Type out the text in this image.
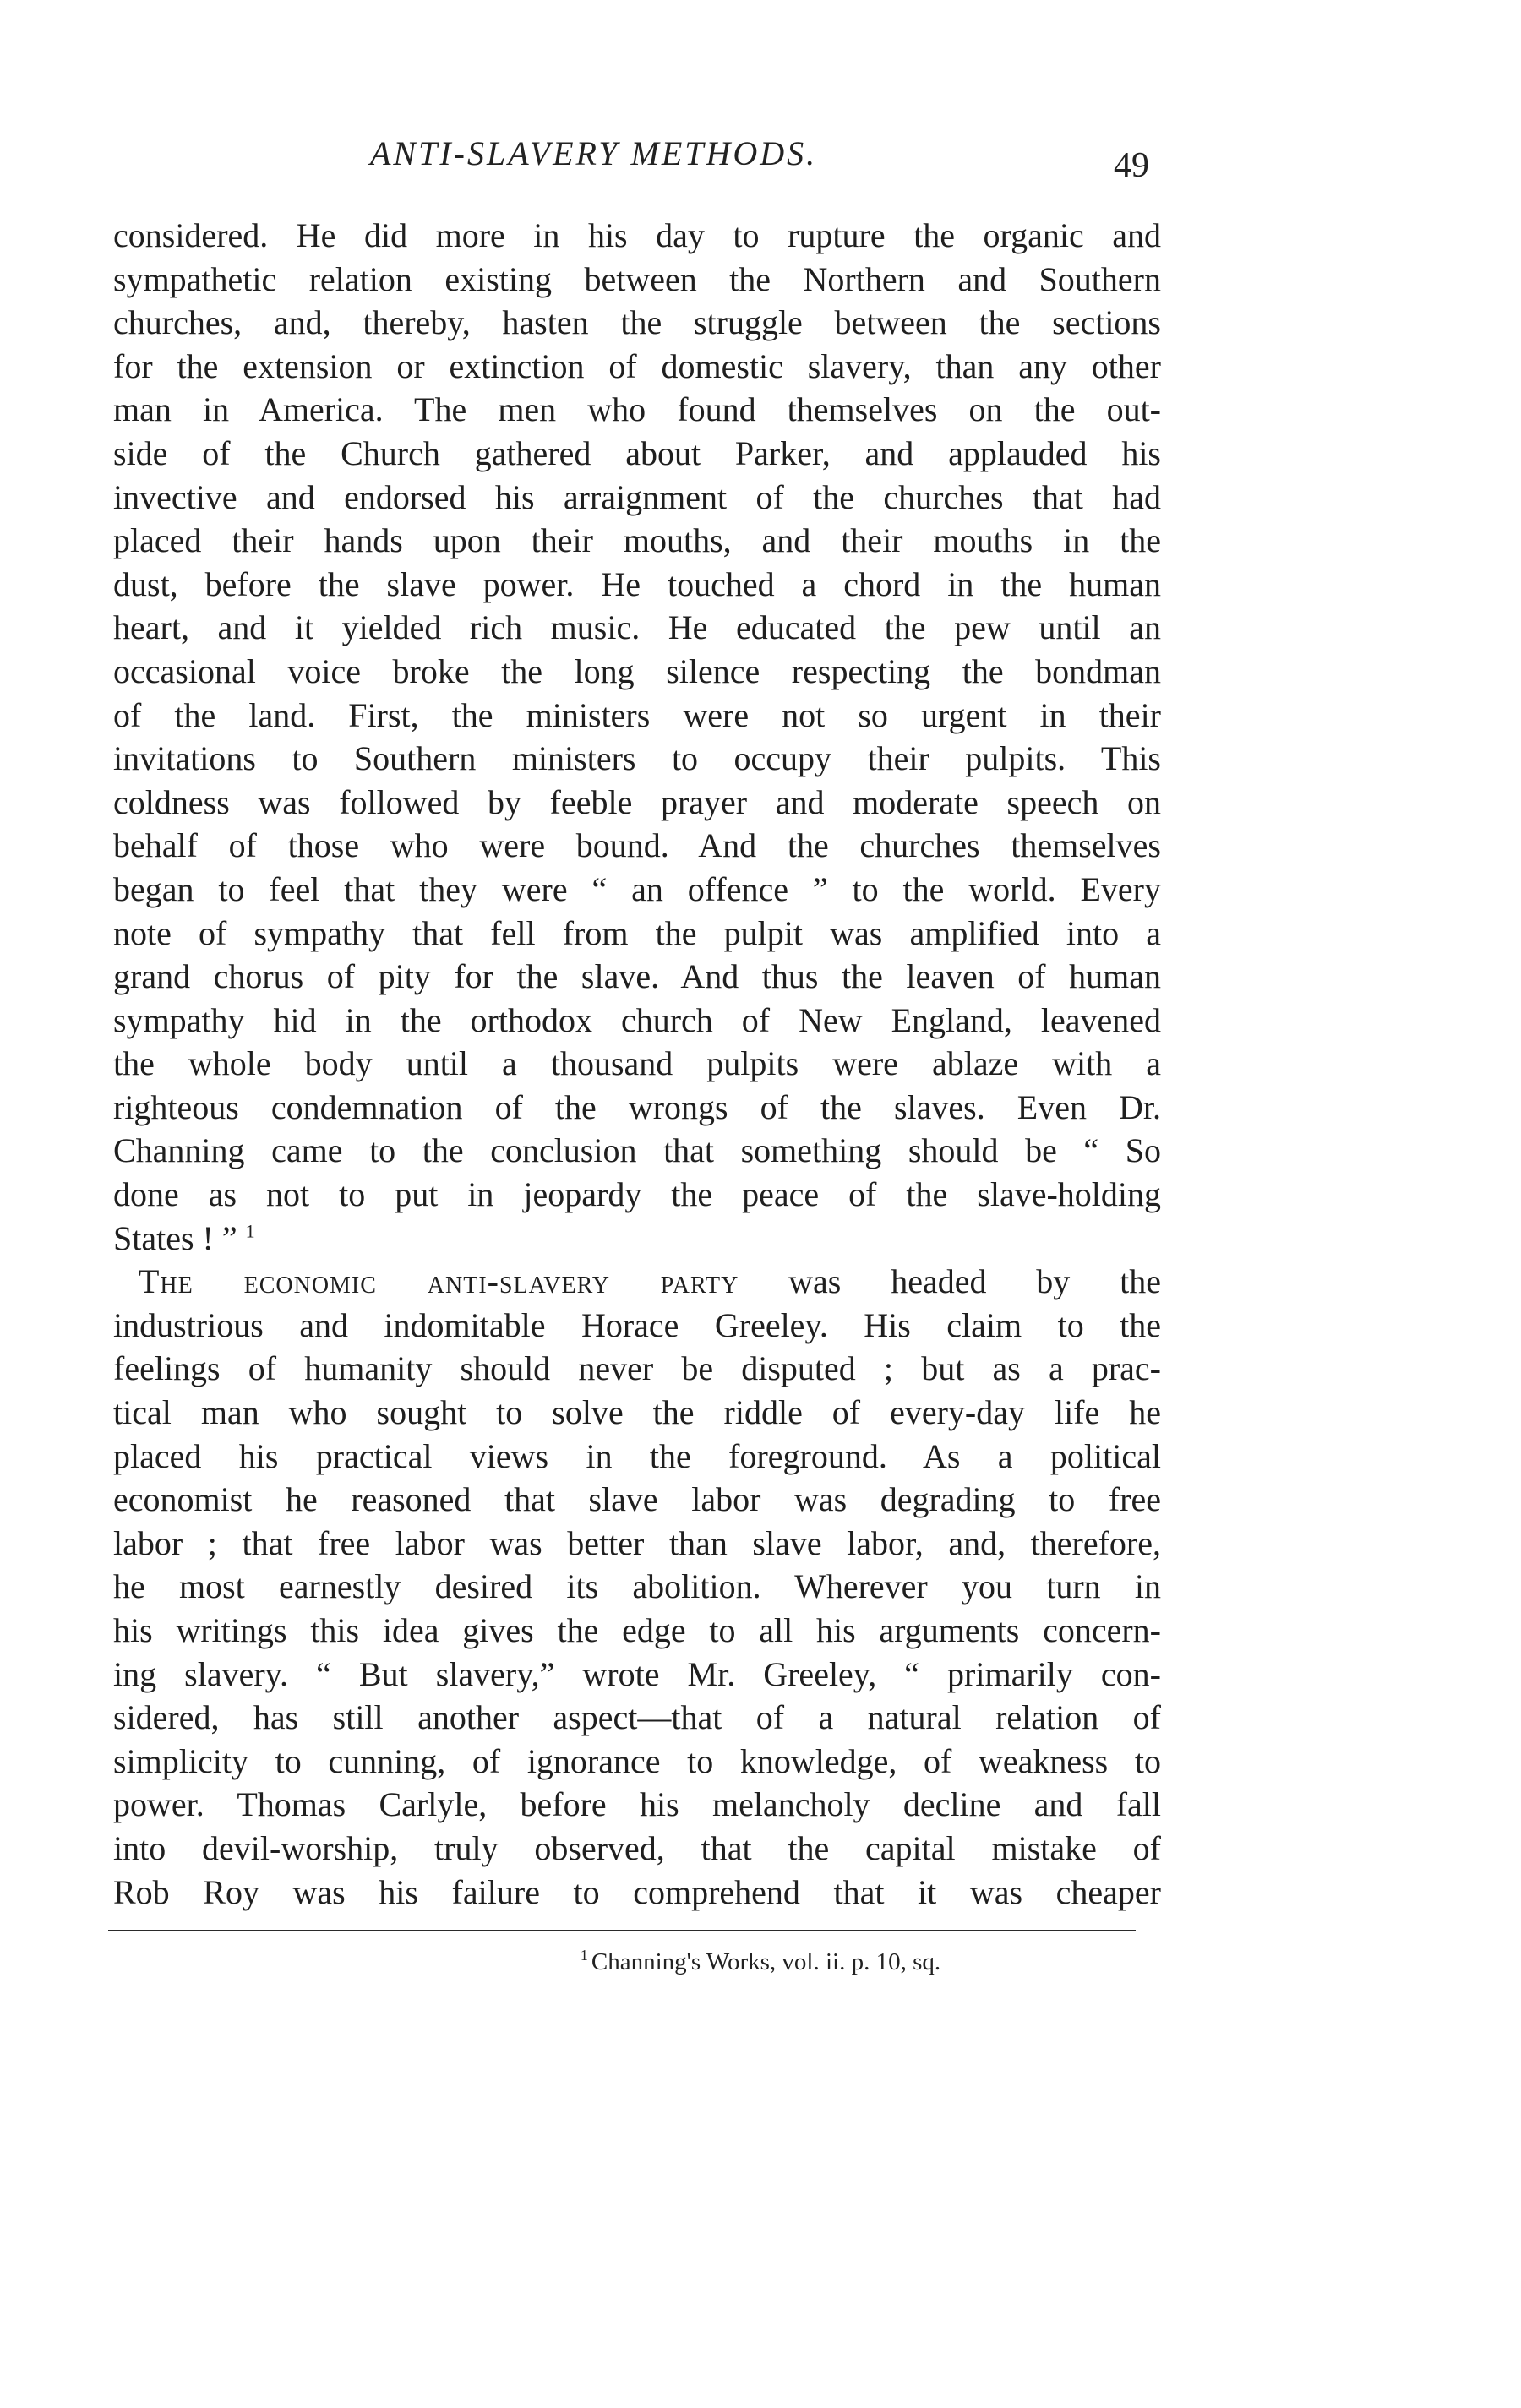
ANTI-SLAVERY METHODS.	49
considered. He did more in his day to rupture the organic and
sympathetic relation existing between the Northern and Southern
churches, and, thereby, hasten the struggle between the sections
for the extension or extinction of domestic slavery, than any other
man in America. The men who found themselves on the out-
side of the Church gathered about Parker, and applauded his
invective and endorsed his arraignment of the churches that had
placed their hands upon their mouths, and their mouths in the
dust, before the slave power. He touched a chord in the human
heart, and it yielded rich music. He educated the pew until an
occasional voice broke the long silence respecting the bondman
of the land. First, the ministers were not so urgent in their
invitations to Southern ministers to occupy their pulpits. This
coldness was followed by feeble prayer and moderate speech on
behalf of those who were bound. And the churches themselves
began to feel that they were “ an offence ” to the world. Every
note of sympathy that fell from the pulpit was amplified into a
grand chorus of pity for the slave. And thus the leaven of human
sympathy hid in the orthodox church of New England, leavened
the whole body until a thousand pulpits were ablaze with a
righteous condemnation of the wrongs of the slaves. Even Dr.
Channing came to the conclusion that something should be “ So
done as not to put in jeopardy the peace of the slave-holding
States ! ” $^1$
The economic anti-slavery party was headed by the
industrious and indomitable Horace Greeley. His claim to the
feelings of humanity should never be disputed ; but as a prac-
tical man who sought to solve the riddle of every-day life he
placed his practical views in the foreground. As a political
economist he reasoned that slave labor was degrading to free
labor ; that free labor was better than slave labor, and, therefore,
he most earnestly desired its abolition. Wherever you turn in
his writings this idea gives the edge to all his arguments concern-
ing slavery. “ But slavery,” wrote Mr. Greeley, “ primarily con-
sidered, has still another aspect—that of a natural relation of
simplicity to cunning, of ignorance to knowledge, of weakness to
power. Thomas Carlyle, before his melancholy decline and fall
into devil-worship, truly observed, that the capital mistake of
Rob Roy was his failure to comprehend that it was cheaper
$^1$ Channing's Works, vol. ii. p. 10, sq.
